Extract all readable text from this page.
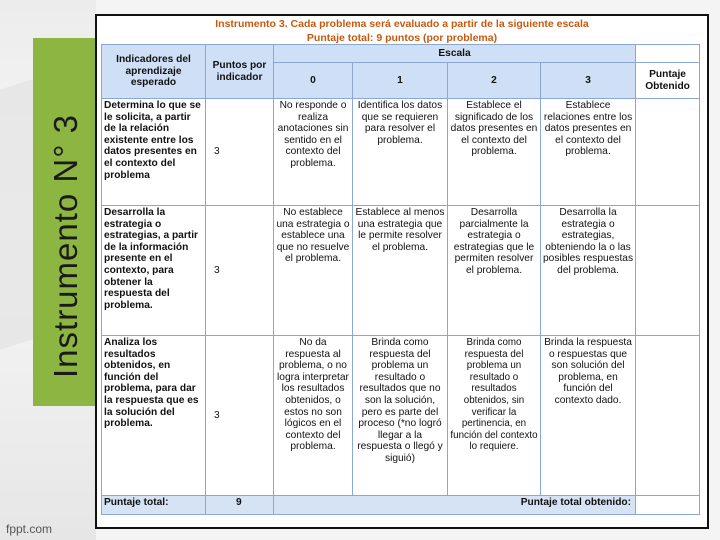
Instrumento N° 3
fppt.com
Instrumento 3. Cada problema será evaluado a partir de la siguiente escala
Puntaje total: 9 puntos (por problema)
Indicadores del aprendizaje esperado	Puntos por indicador	Escala				
		0	1	2	3	Puntaje Obtenido
Determina lo que se le solicita, a partir de la relación existente entre los datos presentes en el contexto del problema	3	No responde o realiza anotaciones sin sentido en el contexto del problema.	Identifica los datos que se requieren para resolver el problema.	Establece el significado de los datos presentes en el contexto del problema.	Establece relaciones entre los datos presentes en el contexto del problema.	
Desarrolla la estrategia o estrategias, a partir de la información presente en el contexto, para obtener la respuesta del problema.	3	No establece una estrategia o establece una que no resuelve el problema.	Establece al menos una estrategia que le permite resolver el problema.	Desarrolla parcialmente la estrategia o estrategias que le permiten resolver el problema.	Desarrolla la estrategia o estrategias, obteniendo la o las posibles respuestas del problema.	
Analiza los resultados obtenidos, en función del problema, para dar la respuesta que es la solución del problema.	3	No da respuesta al problema, o no logra interpretar los resultados obtenidos, o estos no son lógicos en el contexto del problema.	Brinda como respuesta del problema un resultado o resultados que no son la solución, pero es parte del proceso (*no logró llegar a la respuesta o llegó y siguió)	Brinda como respuesta del problema un resultado o resultados obtenidos, sin verificar la pertinencia, en función del contexto lo requiere.	Brinda la respuesta o respuestas que son solución del problema, en función del contexto dado.	
Puntaje total:	9	Puntaje total obtenido:				
